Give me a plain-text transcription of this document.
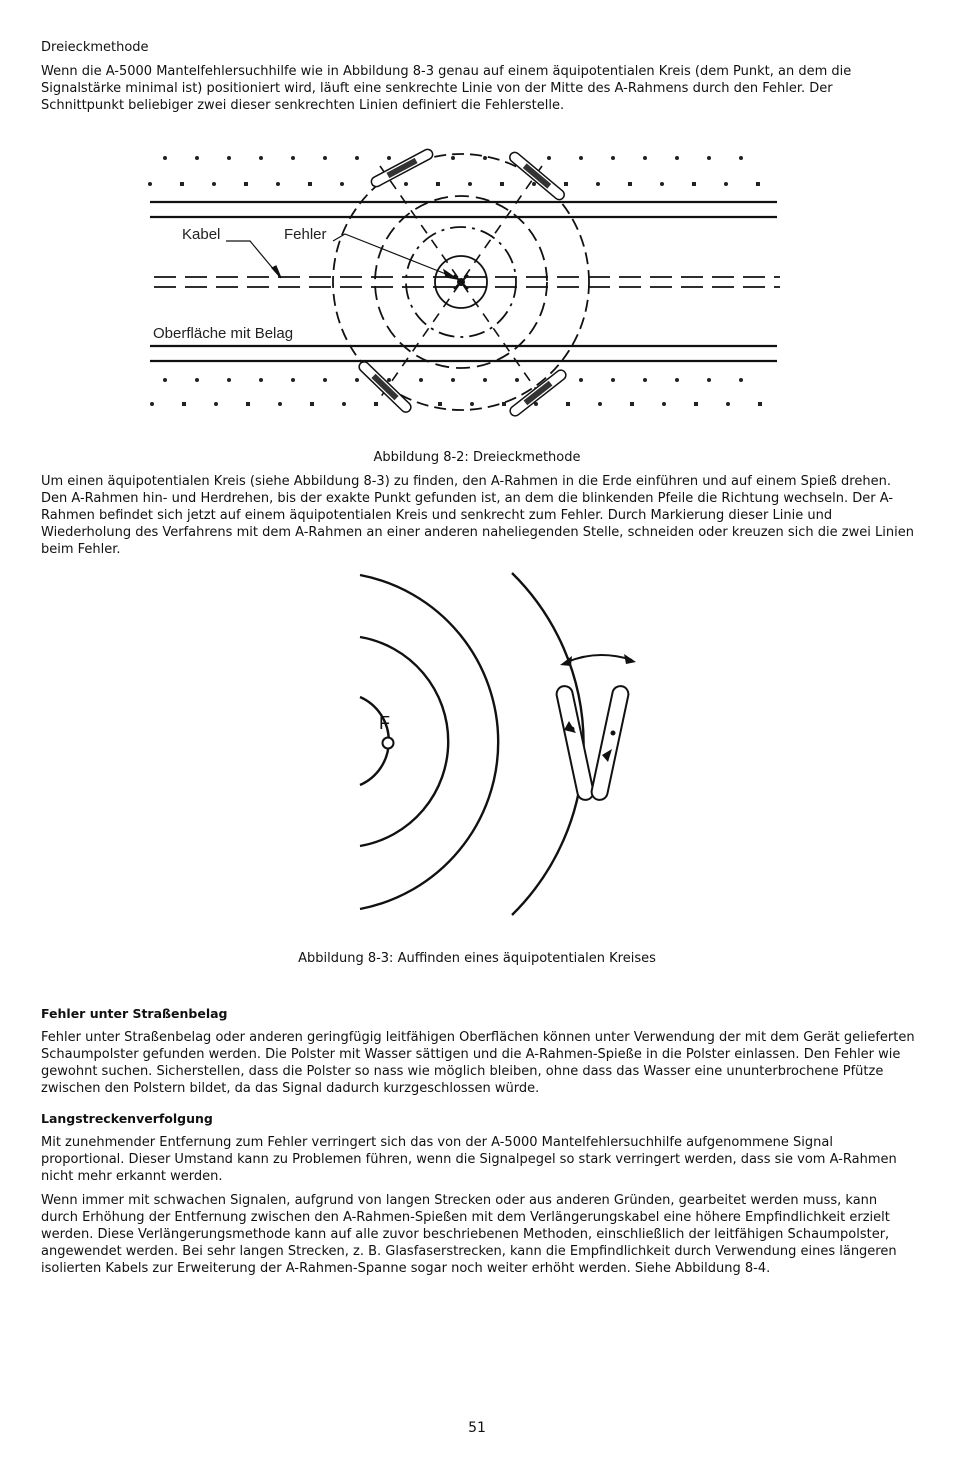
Dreieckmethode

Wenn die A-5000 Mantelfehlersuchhilfe wie in Abbildung 8-3 genau auf einem äquipotentialen Kreis (dem Punkt, an dem die Signalstärke minimal ist) positioniert wird, läuft eine senkrechte Linie von der Mitte des A-Rahmens durch den Fehler. Der Schnittpunkt beliebiger zwei dieser senkrechten Linien definiert die Fehlerstelle.

Kabel	Fehler
Oberfläche mit Belag
Abbildung 8-2: Dreieckmethode

Um einen äquipotentialen Kreis (siehe Abbildung 8-3) zu finden, den A-Rahmen in die Erde einführen und auf einem Spieß drehen. Den A-Rahmen hin- und Herdrehen, bis der exakte Punkt gefunden ist, an dem die blinkenden Pfeile die Richtung wechseln. Der A-Rahmen befindet sich jetzt auf einem äquipotentialen Kreis und senkrecht zum Fehler. Durch Markierung dieser Linie und Wiederholung des Verfahrens mit dem A-Rahmen an einer anderen naheliegenden Stelle, schneiden oder kreuzen sich die zwei Linien beim Fehler.

F
Abbildung 8-3: Auffinden eines äquipotentialen Kreises

Fehler unter Straßenbelag

Fehler unter Straßenbelag oder anderen geringfügig leitfähigen Oberflächen können unter Verwendung der mit dem Gerät gelieferten Schaumpolster gefunden werden. Die Polster mit Wasser sättigen und die A-Rahmen-Spieße in die Polster einlassen. Den Fehler wie gewohnt suchen. Sicherstellen, dass die Polster so nass wie möglich bleiben, ohne dass das Wasser eine ununterbrochene Pfütze zwischen den Polstern bildet, da das Signal dadurch kurzgeschlossen würde.

Langstreckenverfolgung

Mit zunehmender Entfernung zum Fehler verringert sich das von der A-5000 Mantelfehlersuchhilfe aufgenommene Signal proportional. Dieser Umstand kann zu Problemen führen, wenn die Signalpegel so stark verringert werden, dass sie vom A-Rahmen nicht mehr erkannt werden.

Wenn immer mit schwachen Signalen, aufgrund von langen Strecken oder aus anderen Gründen, gearbeitet werden muss, kann durch Erhöhung der Entfernung zwischen den A-Rahmen-Spießen mit dem Verlängerungskabel eine höhere Empfindlichkeit erzielt werden. Diese Verlängerungsmethode kann auf alle zuvor beschriebenen Methoden, einschließlich der leitfähigen Schaumpolster, angewendet werden. Bei sehr langen Strecken, z. B. Glasfaserstrecken, kann die Empfindlichkeit durch Verwendung eines längeren isolierten Kabels zur Erweiterung der A-Rahmen-Spanne sogar noch weiter erhöht werden. Siehe Abbildung 8-4.

51
